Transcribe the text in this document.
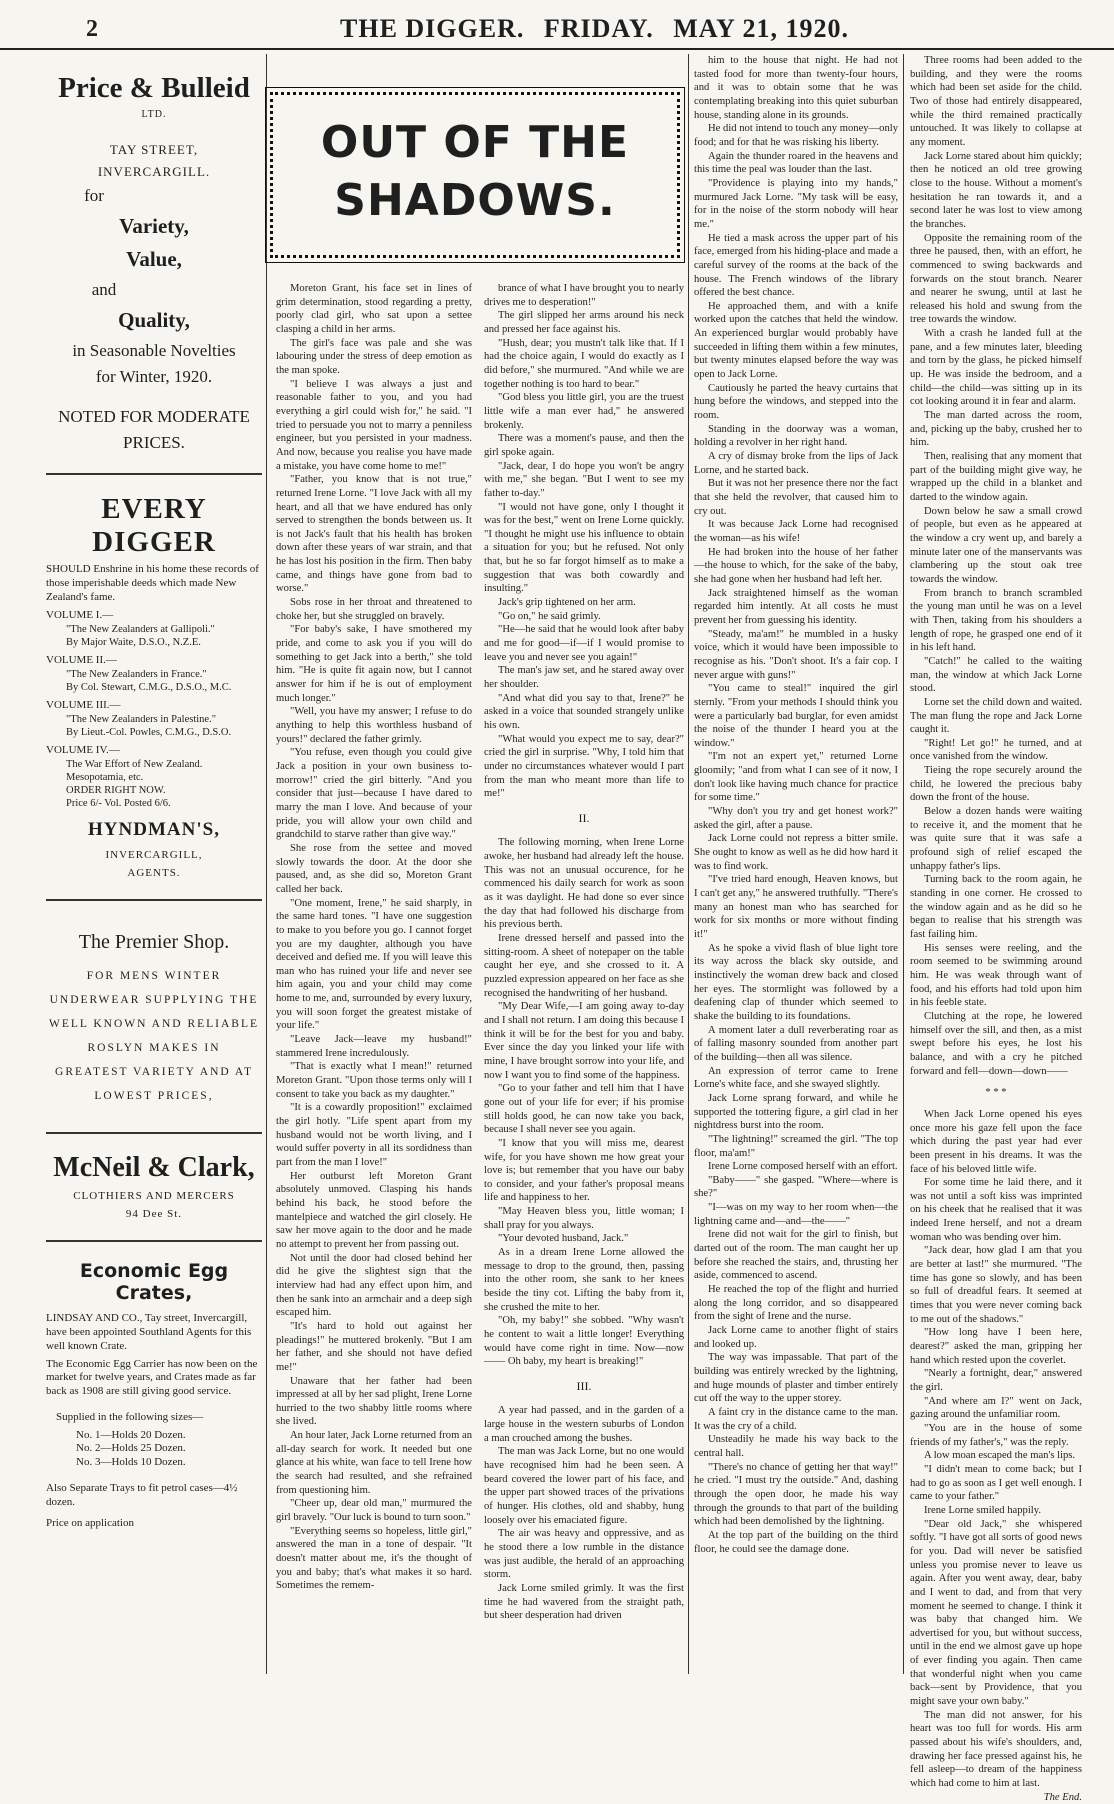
2	THE DIGGER. FRIDAY. MAY 21, 1920.
Price & Bulleid
LTD.
TAY STREET,
INVERCARGILL.
for
Variety,
Value,
and
Quality,
in Seasonable Novelties
for Winter, 1920.
NOTED FOR MODERATE
PRICES.
EVERY DIGGER
SHOULD Enshrine in his home these records of those imperishable deeds which made New Zealand's fame.
VOLUME I.—
"The New Zealanders at Gallipoli."
By Major Waite, D.S.O., N.Z.E.
VOLUME II.—
"The New Zealanders in France."
By Col. Stewart, C.M.G., D.S.O., M.C.
VOLUME III.—
"The New Zealanders in Palestine."
By Lieut.-Col. Powles, C.M.G., D.S.O.
VOLUME IV.—
The War Effort of New Zealand.
Mesopotamia, etc.
ORDER RIGHT NOW.
Price 6/- Vol. Posted 6/6.
HYNDMAN'S,
INVERCARGILL,
AGENTS.
The Premier Shop.
FOR MENS WINTER
UNDERWEAR SUPPLYING THE
WELL KNOWN AND RELIABLE
ROSLYN MAKES IN
GREATEST VARIETY AND AT
LOWEST PRICES,
McNeil & Clark,
CLOTHIERS AND MERCERS
94 Dee St.
Economic Egg Crates,
LINDSAY AND CO., Tay street, Invercargill, have been appointed Southland Agents for this well known Crate.
The Economic Egg Carrier has now been on the market for twelve years, and Crates made as far back as 1908 are still giving good service.
Supplied in the following sizes—
No. 1—Holds 20 Dozen.
No. 2—Holds 25 Dozen.
No. 3—Holds 10 Dozen.
Also Separate Trays to fit petrol cases—4½ dozen.
Price on application
OUT OF THE
SHADOWS.

Moreton Grant, his face set in lines of grim determination, stood regarding a pretty, poorly clad girl, who sat upon a settee clasping a child in her arms.

The girl's face was pale and she was labouring under the stress of deep emotion as the man spoke.

"I believe I was always a just and reasonable father to you, and you had everything a girl could wish for," he said. "I tried to persuade you not to marry a penniless engineer, but you persisted in your madness. And now, because you realise you have made a mistake, you have come home to me!"

"Father, you know that is not true," returned Irene Lorne. "I love Jack with all my heart, and all that we have endured has only served to strengthen the bonds between us. It is not Jack's fault that his health has broken down after these years of war strain, and that he has lost his position in the firm. Then baby came, and things have gone from bad to worse."

Sobs rose in her throat and threatened to choke her, but she struggled on bravely.

"For baby's sake, I have smothered my pride, and come to ask you if you will do something to get Jack into a berth," she told him. "He is quite fit again now, but I cannot answer for him if he is out of employment much longer."

"Well, you have my answer; I refuse to do anything to help this worthless husband of yours!" declared the father grimly.

"You refuse, even though you could give Jack a position in your own business to-morrow!" cried the girl bitterly. "And you consider that just—because I have dared to marry the man I love. And because of your pride, you will allow your own child and grandchild to starve rather than give way."

She rose from the settee and moved slowly towards the door. At the door she paused, and, as she did so, Moreton Grant called her back.

"One moment, Irene," he said sharply, in the same hard tones. "I have one suggestion to make to you before you go. I cannot forget you are my daughter, although you have deceived and defied me. If you will leave this man who has ruined your life and never see him again, you and your child may come home to me, and, surrounded by every luxury, you will soon forget the greatest mistake of your life."

"Leave Jack—leave my husband!" stammered Irene incredulously.

"That is exactly what I mean!" returned Moreton Grant. "Upon those terms only will I consent to take you back as my daughter."

"It is a cowardly proposition!" exclaimed the girl hotly. "Life spent apart from my husband would not be worth living, and I would suffer poverty in all its sordidness than part from the man I love!"

Her outburst left Moreton Grant absolutely unmoved. Clasping his hands behind his back, he stood before the mantelpiece and watched the girl closely. He saw her move again to the door and he made no attempt to prevent her from passing out.

Not until the door had closed behind her did he give the slightest sign that the interview had had any effect upon him, and then he sank into an armchair and a deep sigh escaped him.

"It's hard to hold out against her pleadings!" he muttered brokenly. "But I am her father, and she should not have defied me!"

Unaware that her father had been impressed at all by her sad plight, Irene Lorne hurried to the two shabby little rooms where she lived.

An hour later, Jack Lorne returned from an all-day search for work. It needed but one glance at his white, wan face to tell Irene how the search had resulted, and she refrained from questioning him.

"Cheer up, dear old man," murmured the girl bravely. "Our luck is bound to turn soon."

"Everything seems so hopeless, little girl," answered the man in a tone of despair. "It doesn't matter about me, it's the thought of you and baby; that's what makes it so hard. Sometimes the remem-

brance of what I have brought you to nearly drives me to desperation!"

The girl slipped her arms around his neck and pressed her face against his.

"Hush, dear; you mustn't talk like that. If I had the choice again, I would do exactly as I did before," she murmured. "And while we are together nothing is too hard to bear."

"God bless you little girl, you are the truest little wife a man ever had," he answered brokenly.

There was a moment's pause, and then the girl spoke again.

"Jack, dear, I do hope you won't be angry with me," she began. "But I went to see my father to-day."

"I would not have gone, only I thought it was for the best," went on Irene Lorne quickly. "I thought he might use his influence to obtain a situation for you; but he refused. Not only that, but he so far forgot himself as to make a suggestion that was both cowardly and insulting."

Jack's grip tightened on her arm.

"Go on," he said grimly.

"He—he said that he would look after baby and me for good—if—if I would promise to leave you and never see you again!"

The man's jaw set, and he stared away over her shoulder.

"And what did you say to that, Irene?" he asked in a voice that sounded strangely unlike his own.

"What would you expect me to say, dear?" cried the girl in surprise. "Why, I told him that under no circumstances whatever would I part from the man who meant more than life to me!"

II.

The following morning, when Irene Lorne awoke, her husband had already left the house. This was not an unusual occurence, for he commenced his daily search for work as soon as it was daylight. He had done so ever since the day that had followed his discharge from his previous berth.

Irene dressed herself and passed into the sitting-room. A sheet of notepaper on the table caught her eye, and she crossed to it. A puzzled expression appeared on her face as she recognised the handwriting of her husband.

"My Dear Wife,—I am going away to-day and I shall not return. I am doing this because I think it will be for the best for you and baby. Ever since the day you linked your life with mine, I have brought sorrow into your life, and now I want you to find some of the happiness.

"Go to your father and tell him that I have gone out of your life for ever; if his promise still holds good, he can now take you back, because I shall never see you again.

"I know that you will miss me, dearest wife, for you have shown me how great your love is; but remember that you have our baby to consider, and your father's proposal means life and happiness to her.

"May Heaven bless you, little woman; I shall pray for you always.

"Your devoted husband, Jack."

As in a dream Irene Lorne allowed the message to drop to the ground, then, passing into the other room, she sank to her knees beside the tiny cot. Lifting the baby from it, she crushed the mite to her.

"Oh, my baby!" she sobbed. "Why wasn't he content to wait a little longer! Everything would have come right in time. Now—now—— Oh baby, my heart is breaking!"

III.

A year had passed, and in the garden of a large house in the western suburbs of London a man crouched among the bushes.

The man was Jack Lorne, but no one would have recognised him had he been seen. A beard covered the lower part of his face, and the upper part showed traces of the privations of hunger. His clothes, old and shabby, hung loosely over his emaciated figure.

The air was heavy and oppressive, and as he stood there a low rumble in the distance was just audible, the herald of an approaching storm.

Jack Lorne smiled grimly. It was the first time he had wavered from the straight path, but sheer desperation had driven

him to the house that night. He had not tasted food for more than twenty-four hours, and it was to obtain some that he was contemplating breaking into this quiet suburban house, standing alone in its grounds.

He did not intend to touch any money—only food; and for that he was risking his liberty.

Again the thunder roared in the heavens and this time the peal was louder than the last.

"Providence is playing into my hands," murmured Jack Lorne. "My task will be easy, for in the noise of the storm nobody will hear me."

He tied a mask across the upper part of his face, emerged from his hiding-place and made a careful survey of the rooms at the back of the house. The French windows of the library offered the best chance.

He approached them, and with a knife worked upon the catches that held the window. An experienced burglar would probably have succeeded in lifting them within a few minutes, but twenty minutes elapsed before the way was open to Jack Lorne.

Cautiously he parted the heavy curtains that hung before the windows, and stepped into the room.

Standing in the doorway was a woman, holding a revolver in her right hand.

A cry of dismay broke from the lips of Jack Lorne, and he started back.

But it was not her presence there nor the fact that she held the revolver, that caused him to cry out.

It was because Jack Lorne had recognised the woman—as his wife!

He had broken into the house of her father—the house to which, for the sake of the baby, she had gone when her husband had left her.

Jack straightened himself as the woman regarded him intently. At all costs he must prevent her from guessing his identity.

"Steady, ma'am!" he mumbled in a husky voice, which it would have been impossible to recognise as his. "Don't shoot. It's a fair cop. I never argue with guns!"

"You came to steal!" inquired the girl sternly. "From your methods I should think you were a particularly bad burglar, for even amidst the noise of the thunder I heard you at the window."

"I'm not an expert yet," returned Lorne gloomily; "and from what I can see of it now, I don't look like having much chance for practice for some time."

"Why don't you try and get honest work?" asked the girl, after a pause.

Jack Lorne could not repress a bitter smile. She ought to know as well as he did how hard it was to find work.

"I've tried hard enough, Heaven knows, but I can't get any," he answered truthfully. "There's many an honest man who has searched for work for six months or more without finding it!"

As he spoke a vivid flash of blue light tore its way across the black sky outside, and instinctively the woman drew back and closed her eyes. The stormlight was followed by a deafening clap of thunder which seemed to shake the building to its foundations.

A moment later a dull reverberating roar as of falling masonry sounded from another part of the building—then all was silence.

An expression of terror came to Irene Lorne's white face, and she swayed slightly.

Jack Lorne sprang forward, and while he supported the tottering figure, a girl clad in her nightdress burst into the room.

"The lightning!" screamed the girl. "The top floor, ma'am!"

Irene Lorne composed herself with an effort.

"Baby——" she gasped. "Where—where is she?"

"I—was on my way to her room when—the lightning came and—and—the——"

Irene did not wait for the girl to finish, but darted out of the room. The man caught her up before she reached the stairs, and, thrusting her aside, commenced to ascend.

He reached the top of the flight and hurried along the long corridor, and so disappeared from the sight of Irene and the nurse.

Jack Lorne came to another flight of stairs and looked up.

The way was impassable. That part of the building was entirely wrecked by the lightning, and huge mounds of plaster and timber entirely cut off the way to the upper storey.

A faint cry in the distance came to the man. It was the cry of a child.

Unsteadily he made his way back to the central hall.

"There's no chance of getting her that way!" he cried. "I must try the outside." And, dashing through the open door, he made his way through the grounds to that part of the building which had been demolished by the lightning.

At the top part of the building on the third floor, he could see the damage done.

Three rooms had been added to the building, and they were the rooms which had been set aside for the child. Two of those had entirely disappeared, while the third remained practically untouched. It was likely to collapse at any moment.

Jack Lorne stared about him quickly; then he noticed an old tree growing close to the house. Without a moment's hesitation he ran towards it, and a second later he was lost to view among the branches.

Opposite the remaining room of the three he paused, then, with an effort, he commenced to swing backwards and forwards on the stout branch. Nearer and nearer he swung, until at last he released his hold and swung from the tree towards the window.

With a crash he landed full at the pane, and a few minutes later, bleeding and torn by the glass, he picked himself up. He was inside the bedroom, and a child—the child—was sitting up in its cot looking around it in fear and alarm.

The man darted across the room, and, picking up the baby, crushed her to him.

Then, realising that any moment that part of the building might give way, he wrapped up the child in a blanket and darted to the window again.

Down below he saw a small crowd of people, but even as he appeared at the window a cry went up, and barely a minute later one of the manservants was clambering up the stout oak tree towards the window.

From branch to branch scrambled the young man until he was on a level with Then, taking from his shoulders a length of rope, he grasped one end of it in his left hand.

"Catch!" he called to the waiting man, the window at which Jack Lorne stood.

Lorne set the child down and waited. The man flung the rope and Jack Lorne caught it.

"Right! Let go!" he turned, and at once vanished from the window.

Tieing the rope securely around the child, he lowered the precious baby down the front of the house.

Below a dozen hands were waiting to receive it, and the moment that he was quite sure that it was safe a profound sigh of relief escaped the unhappy father's lips.

Turning back to the room again, he standing in one corner. He crossed to the window again and as he did so he began to realise that his strength was fast failing him.

His senses were reeling, and the room seemed to be swimming around him. He was weak through want of food, and his efforts had told upon him in his feeble state.

Clutching at the rope, he lowered himself over the sill, and then, as a mist swept before his eyes, he lost his balance, and with a cry he pitched forward and fell—down—down——

* * *

When Jack Lorne opened his eyes once more his gaze fell upon the face which during the past year had ever been present in his dreams. It was the face of his beloved little wife.

For some time he laid there, and it was not until a soft kiss was imprinted on his cheek that he realised that it was indeed Irene herself, and not a dream woman who was bending over him.

"Jack dear, how glad I am that you are better at last!" she murmured. "The time has gone so slowly, and has been so full of dreadful fears. It seemed at times that you were never coming back to me out of the shadows."

"How long have I been here, dearest?" asked the man, gripping her hand which rested upon the coverlet.

"Nearly a fortnight, dear," answered the girl.

"And where am I?" went on Jack, gazing around the unfamiliar room.

"You are in the house of some friends of my father's," was the reply.

A low moan escaped the man's lips.

"I didn't mean to come back; but I had to go as soon as I get well enough. I came to your father."

Irene Lorne smiled happily.

"Dear old Jack," she whispered softly. "I have got all sorts of good news for you. Dad will never be satisfied unless you promise never to leave us again. After you went away, dear, baby and I went to dad, and from that very moment he seemed to change. I think it was baby that changed him. We advertised for you, but without success, until in the end we almost gave up hope of ever finding you again. Then came that wonderful night when you came back—sent by Providence, that you might save your own baby."

The man did not answer, for his heart was too full for words. His arm passed about his wife's shoulders, and, drawing her face pressed against his, he fell asleep—to dream of the happiness which had come to him at last.

The End.
